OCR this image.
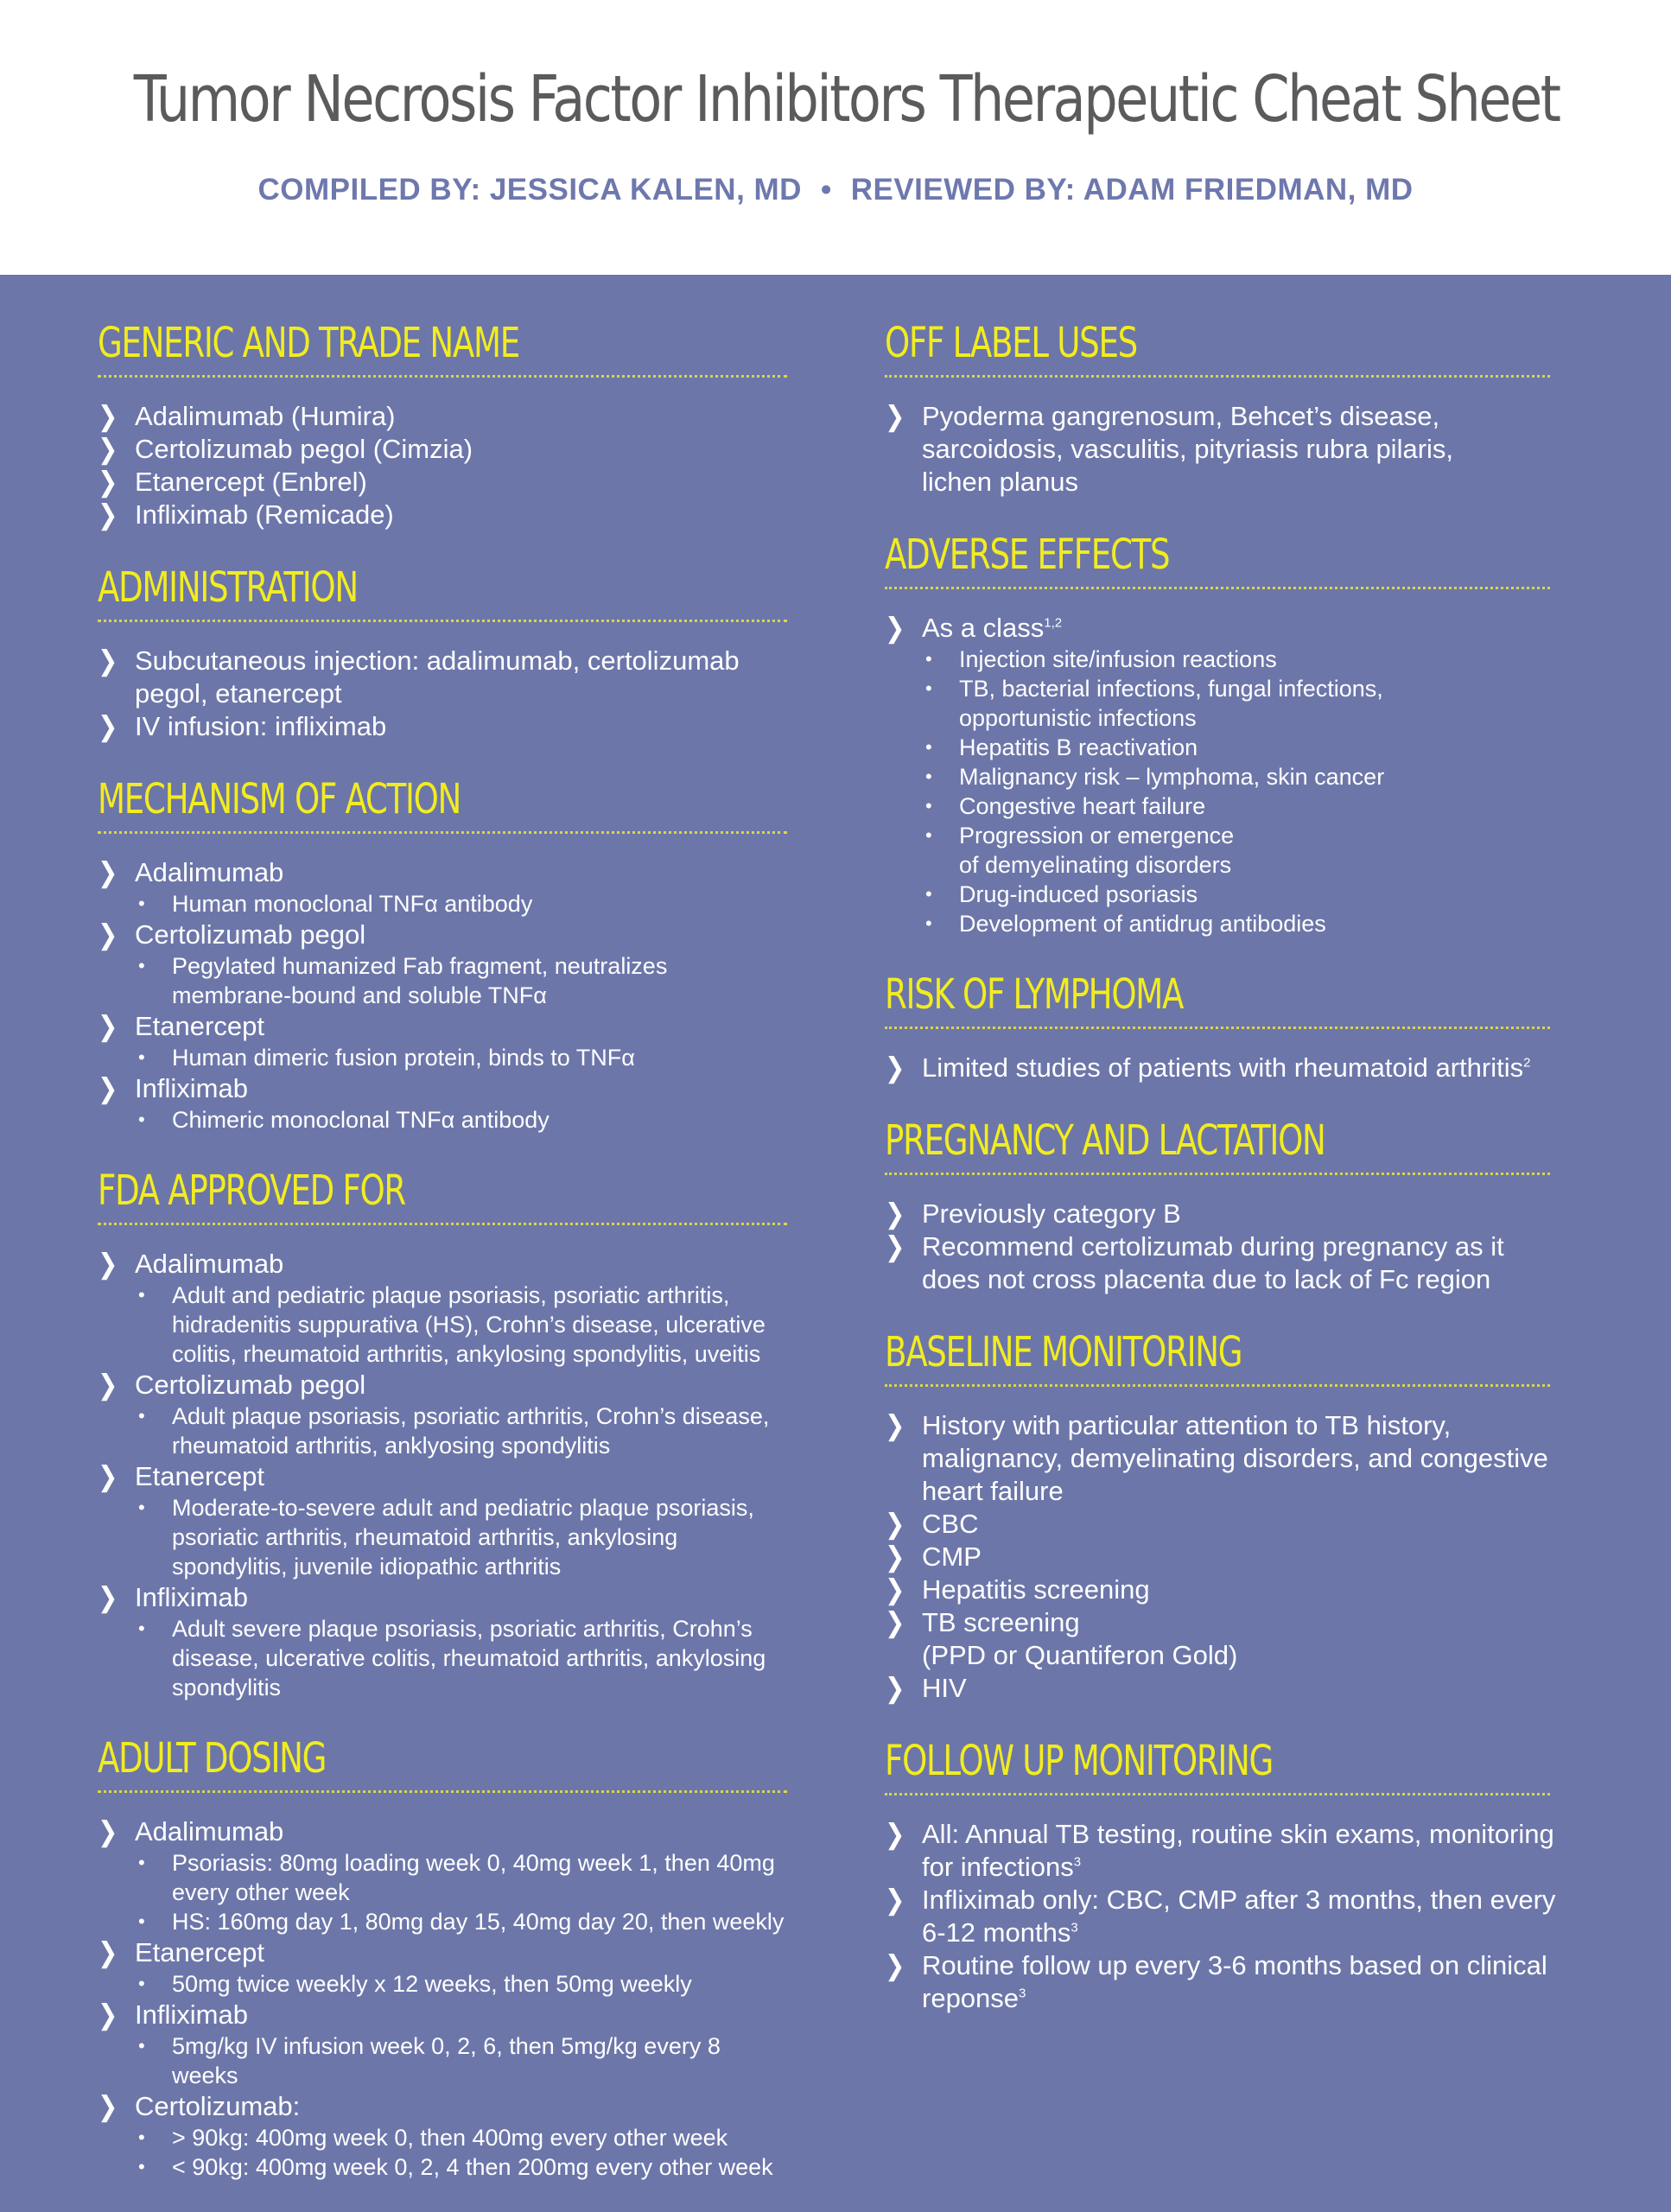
Tumor Necrosis Factor Inhibitors Therapeutic Cheat Sheet
COMPILED BY: JESSICA KALEN, MD • REVIEWED BY: ADAM FRIEDMAN, MD
GENERIC AND TRADE NAME
❯ Adalimumab (Humira)
❯ Certolizumab pegol (Cimzia)
❯ Etanercept (Enbrel)
❯ Infliximab (Remicade)
ADMINISTRATION
❯ Subcutaneous injection: adalimumab, certolizumab
pegol, etanercept
❯ IV infusion: infliximab
MECHANISM OF ACTION
❯ Adalimumab
• Human monoclonal TNFα antibody
❯ Certolizumab pegol
• Pegylated humanized Fab fragment, neutralizes
membrane-bound and soluble TNFα
❯ Etanercept
• Human dimeric fusion protein, binds to TNFα
❯ Infliximab
• Chimeric monoclonal TNFα antibody
FDA APPROVED FOR
❯ Adalimumab
• Adult and pediatric plaque psoriasis, psoriatic arthritis,
hidradenitis suppurativa (HS), Crohn’s disease, ulcerative
colitis, rheumatoid arthritis, ankylosing spondylitis, uveitis
❯ Certolizumab pegol
• Adult plaque psoriasis, psoriatic arthritis, Crohn’s disease,
rheumatoid arthritis, anklyosing spondylitis
❯ Etanercept
• Moderate-to-severe adult and pediatric plaque psoriasis,
psoriatic arthritis, rheumatoid arthritis, ankylosing
spondylitis, juvenile idiopathic arthritis
❯ Infliximab
• Adult severe plaque psoriasis, psoriatic arthritis, Crohn’s
disease, ulcerative colitis, rheumatoid arthritis, ankylosing
spondylitis
ADULT DOSING
❯ Adalimumab
• Psoriasis: 80mg loading week 0, 40mg week 1, then 40mg
every other week
• HS: 160mg day 1, 80mg day 15, 40mg day 20, then weekly
❯ Etanercept
• 50mg twice weekly x 12 weeks, then 50mg weekly
❯ Infliximab
• 5mg/kg IV infusion week 0, 2, 6, then 5mg/kg every 8
weeks
❯ Certolizumab:
• > 90kg: 400mg week 0, then 400mg every other week
• < 90kg: 400mg week 0, 2, 4 then 200mg every other week
OFF LABEL USES
❯ Pyoderma gangrenosum, Behcet’s disease,
sarcoidosis, vasculitis, pityriasis rubra pilaris,
lichen planus
ADVERSE EFFECTS
❯ As a class$^{1,2}$
• Injection site/infusion reactions
• TB, bacterial infections, fungal infections,
opportunistic infections
• Hepatitis B reactivation
• Malignancy risk – lymphoma, skin cancer
• Congestive heart failure
• Progression or emergence
of demyelinating disorders
• Drug-induced psoriasis
• Development of antidrug antibodies
RISK OF LYMPHOMA
❯ Limited studies of patients with rheumatoid arthritis$^2$
PREGNANCY AND LACTATION
❯ Previously category B
❯ Recommend certolizumab during pregnancy as it
does not cross placenta due to lack of Fc region
BASELINE MONITORING
❯ History with particular attention to TB history,
malignancy, demyelinating disorders, and congestive
heart failure
❯ CBC
❯ CMP
❯ Hepatitis screening
❯ TB screening
(PPD or Quantiferon Gold)
❯ HIV
FOLLOW UP MONITORING
❯ All: Annual TB testing, routine skin exams, monitoring
for infections$^3$
❯ Infliximab only: CBC, CMP after 3 months, then every
6-12 months$^3$
❯ Routine follow up every 3-6 months based on clinical
reponse$^3$
